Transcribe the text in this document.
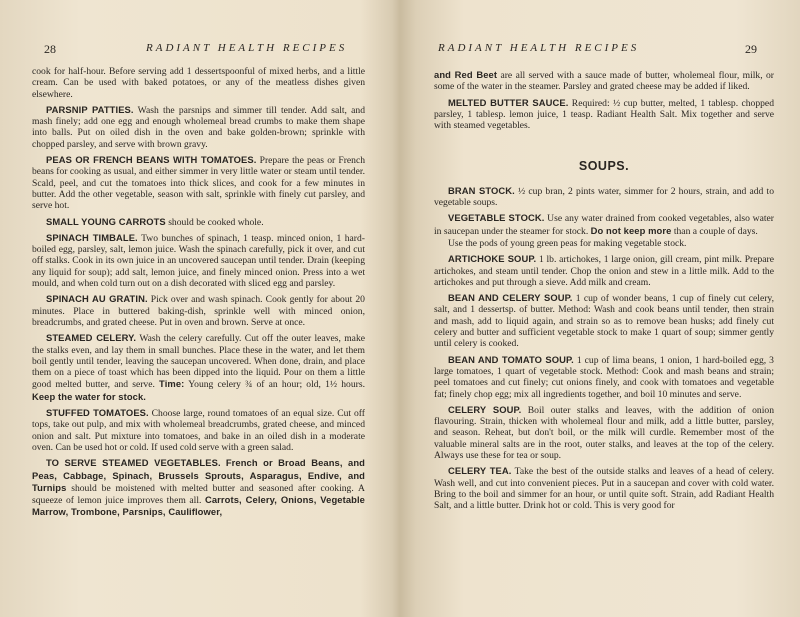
28	RADIANT HEALTH RECIPES

cook for half-hour. Before serving add 1 dessertspoonful of mixed herbs, and a little cream. Can be used with baked potatoes, or any of the meatless dishes given elsewhere.

PARSNIP PATTIES. Wash the parsnips and simmer till tender. Add salt, and mash finely; add one egg and enough wholemeal bread crumbs to make them shape into balls. Put on oiled dish in the oven and bake golden-brown; sprinkle with chopped parsley, and serve with brown gravy.

PEAS OR FRENCH BEANS WITH TOMATOES. Prepare the peas or French beans for cooking as usual, and either simmer in very little water or steam until tender. Scald, peel, and cut the tomatoes into thick slices, and cook for a few minutes in butter. Add the other vegetable, season with salt, sprinkle with finely cut parsley, and serve hot.

SMALL YOUNG CARROTS should be cooked whole.

SPINACH TIMBALE. Two bunches of spinach, 1 teasp. minced onion, 1 hard-boiled egg, parsley, salt, lemon juice. Wash the spinach carefully, pick it over, and cut off stalks. Cook in its own juice in an uncovered saucepan until tender. Drain (keeping any liquid for soup); add salt, lemon juice, and finely minced onion. Press into a wet mould, and when cold turn out on a dish decorated with sliced egg and parsley.

SPINACH AU GRATIN. Pick over and wash spinach. Cook gently for about 20 minutes. Place in buttered baking-dish, sprinkle well with minced onion, breadcrumbs, and grated cheese. Put in oven and brown. Serve at once.

STEAMED CELERY. Wash the celery carefully. Cut off the outer leaves, make the stalks even, and lay them in small bunches. Place these in the water, and let them boil gently until tender, leaving the saucepan uncovered. When done, drain, and place them on a piece of toast which has been dipped into the liquid. Pour on them a little good melted butter, and serve. Time: Young celery ¾ of an hour; old, 1½ hours. Keep the water for stock.

STUFFED TOMATOES. Choose large, round tomatoes of an equal size. Cut off tops, take out pulp, and mix with wholemeal breadcrumbs, grated cheese, and minced onion and salt. Put mixture into tomatoes, and bake in an oiled dish in a moderate oven. Can be used hot or cold. If used cold serve with a green salad.

TO SERVE STEAMED VEGETABLES. French or Broad Beans, and Peas, Cabbage, Spinach, Brussels Sprouts, Asparagus, Endive, and Turnips should be moistened with melted butter and seasoned after cooking. A squeeze of lemon juice improves them all. Carrots, Celery, Onions, Vegetable Marrow, Trombone, Parsnips, Cauliflower,

RADIANT HEALTH RECIPES	29

and Red Beet are all served with a sauce made of butter, wholemeal flour, milk, or some of the water in the steamer. Parsley and grated cheese may be added if liked.

MELTED BUTTER SAUCE. Required: ½ cup butter, melted, 1 tablesp. chopped parsley, 1 tablesp. lemon juice, 1 teasp. Radiant Health Salt. Mix together and serve with steamed vegetables.

SOUPS.

BRAN STOCK. ½ cup bran, 2 pints water, simmer for 2 hours, strain, and add to vegetable soups.

VEGETABLE STOCK. Use any water drained from cooked vegetables, also water in saucepan under the steamer for stock. Do not keep more than a couple of days.

Use the pods of young green peas for making vegetable stock.

ARTICHOKE SOUP. 1 lb. artichokes, 1 large onion, gill cream, pint milk. Prepare artichokes, and steam until tender. Chop the onion and stew in a little milk. Add to the artichokes and put through a sieve. Add milk and cream.

BEAN AND CELERY SOUP. 1 cup of wonder beans, 1 cup of finely cut celery, salt, and 1 dessertsp. of butter. Method: Wash and cook beans until tender, then strain and mash, add to liquid again, and strain so as to remove bean husks; add finely cut celery and butter and sufficient vegetable stock to make 1 quart of soup; simmer gently until celery is cooked.

BEAN AND TOMATO SOUP. 1 cup of lima beans, 1 onion, 1 hard-boiled egg, 3 large tomatoes, 1 quart of vegetable stock. Method: Cook and mash beans and strain; peel tomatoes and cut finely; cut onions finely, and cook with tomatoes and vegetable fat; finely chop egg; mix all ingredients together, and boil 10 minutes and serve.

CELERY SOUP. Boil outer stalks and leaves, with the addition of onion flavouring. Strain, thicken with wholemeal flour and milk, add a little butter, parsley, and season. Reheat, but don't boil, or the milk will curdle. Remember most of the valuable mineral salts are in the root, outer stalks, and leaves at the top of the celery. Always use these for tea or soup.

CELERY TEA. Take the best of the outside stalks and leaves of a head of celery. Wash well, and cut into convenient pieces. Put in a saucepan and cover with cold water. Bring to the boil and simmer for an hour, or until quite soft. Strain, add Radiant Health Salt, and a little butter. Drink hot or cold. This is very good for
